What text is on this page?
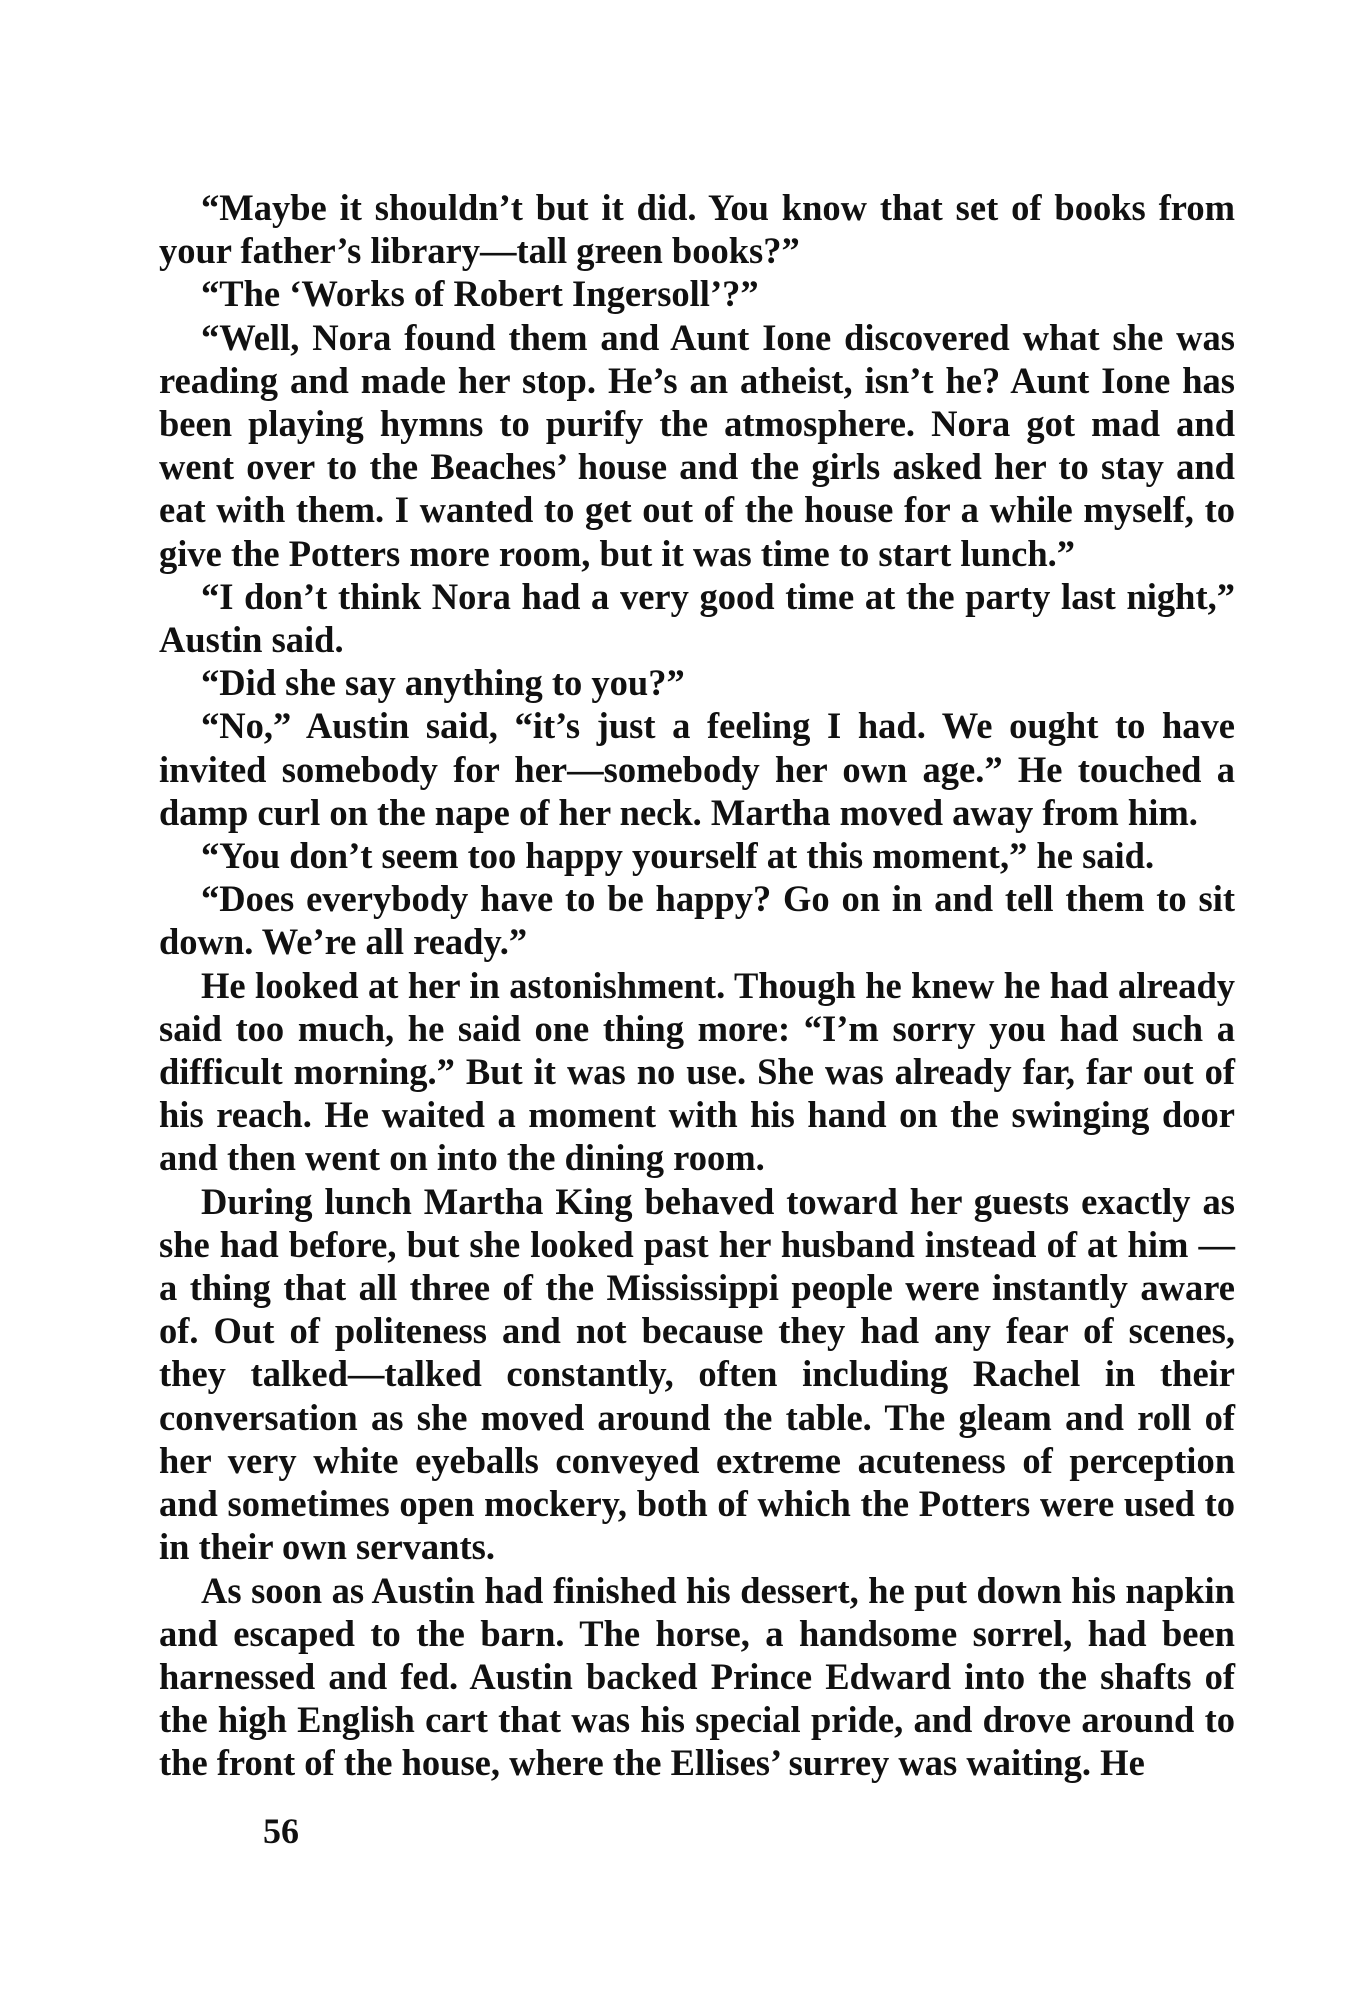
“Maybe it shouldn’t but it did. You know that set of books from your father’s library—tall green books?”

“The ‘Works of Robert Ingersoll’?”

“Well, Nora found them and Aunt Ione discovered what she was reading and made her stop. He’s an atheist, isn’t he? Aunt Ione has been playing hymns to purify the atmosphere. Nora got mad and went over to the Beaches’ house and the girls asked her to stay and eat with them. I wanted to get out of the house for a while myself, to give the Potters more room, but it was time to start lunch.”

“I don’t think Nora had a very good time at the party last night,” Austin said.

“Did she say anything to you?”

“No,” Austin said, “it’s just a feeling I had. We ought to have invited somebody for her—somebody her own age.” He touched a damp curl on the nape of her neck. Martha moved away from him.

“You don’t seem too happy yourself at this moment,” he said.

“Does everybody have to be happy? Go on in and tell them to sit down. We’re all ready.”

He looked at her in astonishment. Though he knew he had already said too much, he said one thing more: “I’m sorry you had such a difficult morning.” But it was no use. She was already far, far out of his reach. He waited a moment with his hand on the swinging door and then went on into the dining room.

During lunch Martha King behaved toward her guests exactly as she had before, but she looked past her husband instead of at him —a thing that all three of the Mississippi people were instantly aware of. Out of politeness and not because they had any fear of scenes, they talked—talked constantly, often including Rachel in their conversation as she moved around the table. The gleam and roll of her very white eyeballs conveyed extreme acuteness of perception and sometimes open mockery, both of which the Potters were used to in their own servants.

As soon as Austin had finished his dessert, he put down his napkin and escaped to the barn. The horse, a handsome sorrel, had been harnessed and fed. Austin backed Prince Edward into the shafts of the high English cart that was his special pride, and drove around to the front of the house, where the Ellises’ surrey was waiting. He

56
